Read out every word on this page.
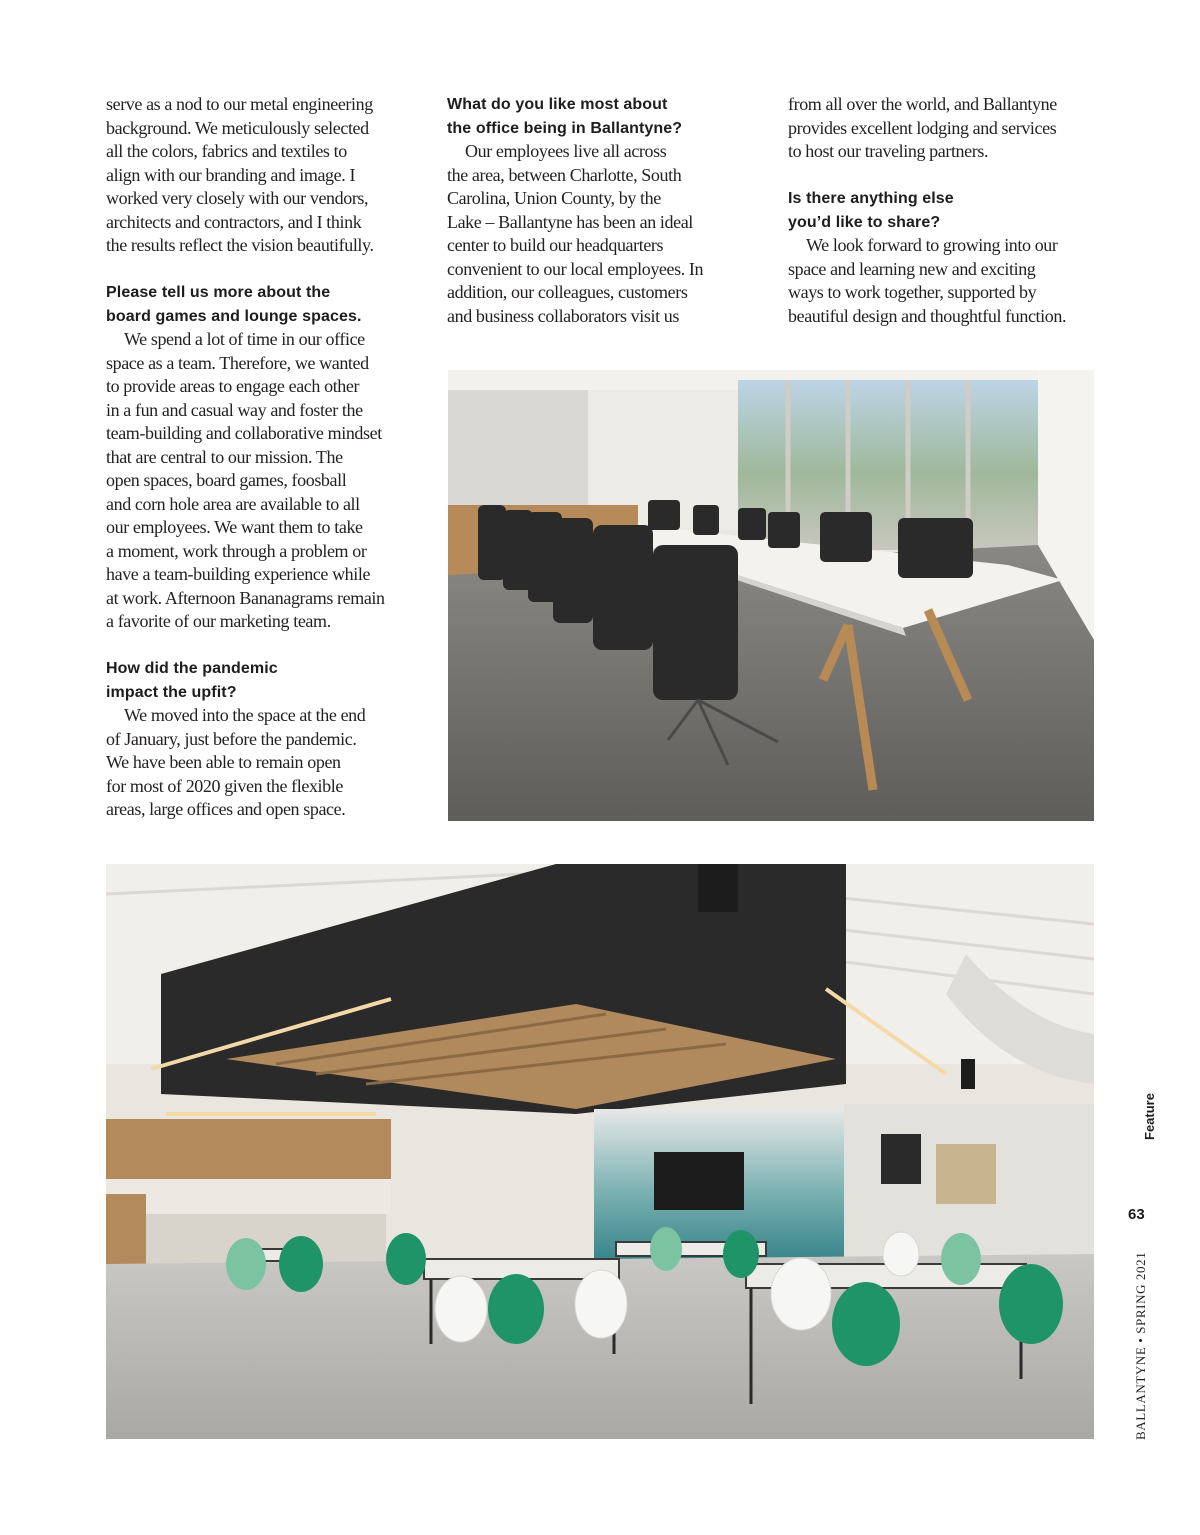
serve as a nod to our metal engineering
background. We meticulously selected
all the colors, fabrics and textiles to
align with our branding and image. I
worked very closely with our vendors,
architects and contractors, and I think
the results reflect the vision beautifully.

Please tell us more about the
board games and lounge spaces.

We spend a lot of time in our office
space as a team. Therefore, we wanted
to provide areas to engage each other
in a fun and casual way and foster the
team-building and collaborative mindset
that are central to our mission. The
open spaces, board games, foosball
and corn hole area are available to all
our employees. We want them to take
a moment, work through a problem or
have a team-building experience while
at work. Afternoon Bananagrams remain
a favorite of our marketing team.

How did the pandemic
impact the upfit?

We moved into the space at the end
of January, just before the pandemic.
We have been able to remain open
for most of 2020 given the flexible
areas, large offices and open space.

What do you like most about
the office being in Ballantyne?

Our employees live all across
the area, between Charlotte, South
Carolina, Union County, by the
Lake – Ballantyne has been an ideal
center to build our headquarters
convenient to our local employees. In
addition, our colleagues, customers
and business collaborators visit us

from all over the world, and Ballantyne
provides excellent lodging and services
to host our traveling partners.

Is there anything else
you’d like to share?

We look forward to growing into our
space and learning new and exciting
ways to work together, supported by
beautiful design and thoughtful function.

Feature
63
BALLANTYNE • SPRING 2021
